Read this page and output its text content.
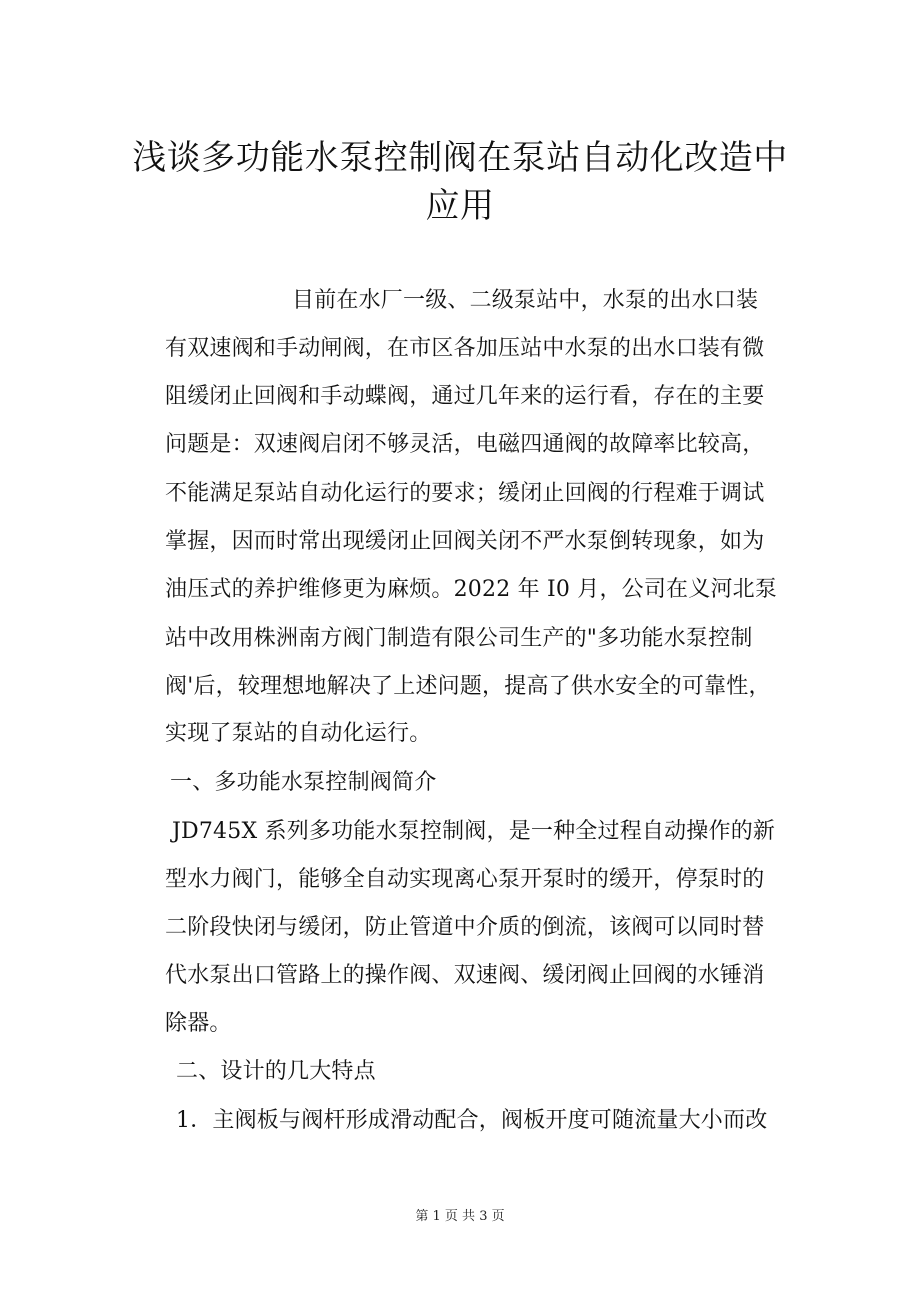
浅谈多功能水泵控制阀在泵站自动化改造中
应用
目前在水厂一级、二级泵站中，水泵的出水口装
有双速阀和手动闸阀，在市区各加压站中水泵的出水口装有微
阻缓闭止回阀和手动蝶阀，通过几年来的运行看，存在的主要
问题是：双速阀启闭不够灵活，电磁四通阀的故障率比较高，
不能满足泵站自动化运行的要求；缓闭止回阀的行程难于调试
掌握，因而时常出现缓闭止回阀关闭不严水泵倒转现象，如为
油压式的养护维修更为麻烦。2022 年 I0 月，公司在义河北泵
站中改用株洲南方阀门制造有限公司生产的"多功能水泵控制
阀'后，较理想地解决了上述问题，提高了供水安全的可靠性，
实现了泵站的自动化运行。
一、多功能水泵控制阀简介
JD745X 系列多功能水泵控制阀，是一种全过程自动操作的新
型水力阀门，能够全自动实现离心泵开泵时的缓开，停泵时的
二阶段快闭与缓闭，防止管道中介质的倒流，该阀可以同时替
代水泵出口管路上的操作阀、双速阀、缓闭阀止回阀的水锤消
除器。
二、设计的几大特点
1．主阀板与阀杆形成滑动配合，阀板开度可随流量大小而改
第 1 页 共 3 页
